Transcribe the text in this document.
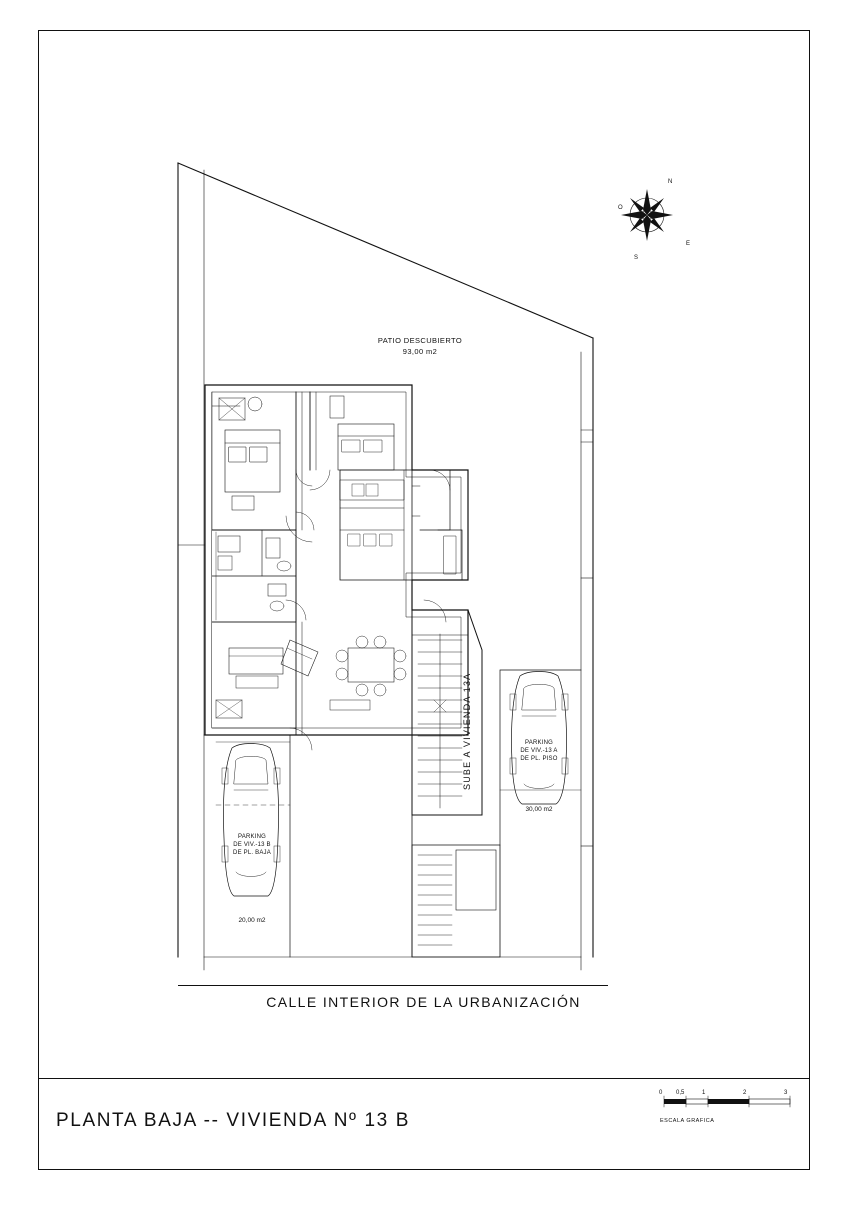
PATIO DESCUBIERTO
93,00 m2
SUBE A VIVIENDA 13A
PARKING
DE VIV.-13 B
DE PL. BAJA
20,00 m2
PARKING
DE VIV.-13 A
DE PL. PISO
30,00 m2
N
S
E
O
CALLE INTERIOR DE LA URBANIZACIÓN
PLANTA BAJA -- VIVIENDA Nº 13 B
0 0,5	1	2	3
ESCALA GRAFICA
